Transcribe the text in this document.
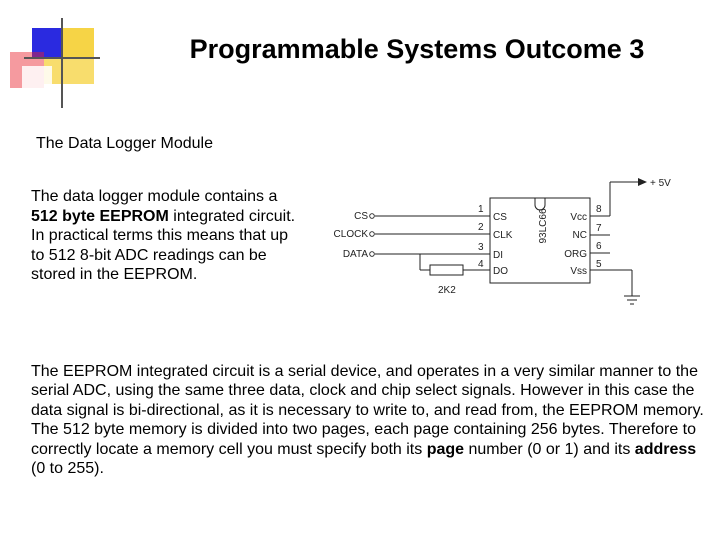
Programmable Systems Outcome 3
The Data Logger Module
The data logger module contains a 512 byte EEPROM integrated circuit. In practical terms this means that up to 512 8-bit ADC readings can be stored in the EEPROM.
+ 5V
CS
CLOCK
DATA
1
2
3
4
CS
CLK
DI
DO
8
7
6
5
Vcc
NC
ORG
Vss
93LC66
2K2

The EEPROM integrated circuit is a serial device, and operates in a very similar manner to the serial ADC, using the same three data, clock and chip select signals. However in this case the data signal is bi-directional, as it is necessary to write to, and read from, the EEPROM memory.

The 512 byte memory is divided into two pages, each page containing 256 bytes. Therefore to correctly locate a memory cell you must specify both its page number (0 or 1) and its address (0 to 255).
